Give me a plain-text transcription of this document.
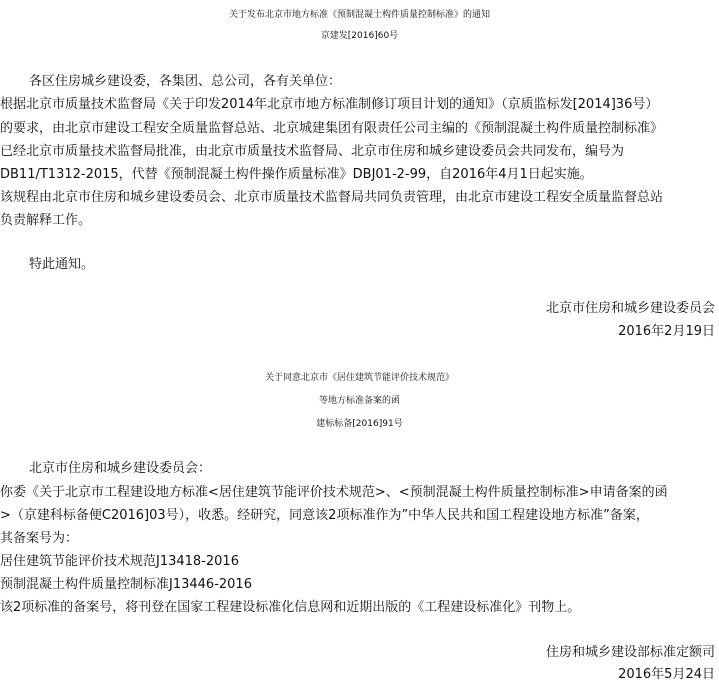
关于发布北京市地方标准《预制混凝土构件质量控制标准》的通知
京建发[2016]60号
各区住房城乡建设委，各集团、总公司，各有关单位：
根据北京市质量技术监督局《关于印发2014年北京市地方标准制修订项目计划的通知》（京质监标发[2014]36号）
的要求，由北京市建设工程安全质量监督总站、北京城建集团有限责任公司主编的《预制混凝土构件质量控制标准》
已经北京市质量技术监督局批准，由北京市质量技术监督局、北京市住房和城乡建设委员会共同发布，编号为
DB11/T1312-2015，代替《预制混凝土构件操作质量标准》DBJ01-2-99，自2016年4月1日起实施。
该规程由北京市住房和城乡建设委员会、北京市质量技术监督局共同负责管理，由北京市建设工程安全质量监督总站
负责解释工作。
特此通知。
北京市住房和城乡建设委员会
2016年2月19日
关于同意北京市《居住建筑节能评价技术规范》
等地方标准备案的函
建标标备[2016]91号
北京市住房和城乡建设委员会：
你委《关于北京市工程建设地方标准<居住建筑节能评价技术规范>、<预制混凝土构件质量控制标准>申请备案的函
>（京建科标备便C2016]03号），收悉。经研究，同意该2项标准作为”中华人民共和国工程建设地方标准”备案，
其备案号为：
居住建筑节能评价技术规范J13418-2016
预制混凝土构件质量控制标准J13446-2016
该2项标准的备案号，将刊登在国家工程建设标准化信息网和近期出版的《工程建设标准化》刊物上。
住房和城乡建设部标准定额司
2016年5月24日
